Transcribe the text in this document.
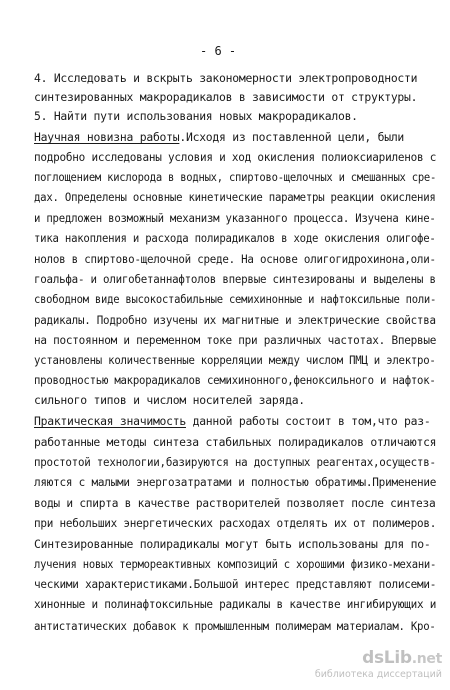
- 6 -
4. Исследовать и вскрыть закономерности электропроводности
синтезированных макрорадикалов в зависимости от структуры.
5. Найти пути использования новых макрорадикалов.
Научная новизна работы.Исходя из поставленной цели, были
подробно исследованы условия и ход окисления полиоксиариленов с
поглощением кислорода в водных, спиртово-щелочных и смешанных сре-
дах. Определены основные кинетические параметры реакции окисления
и предложен возможный механизм указанного процесса. Изучена кинe-
тика накопления и расхода полирадикалов в ходе окисления олигофе-
нолов в спиртово-щелочной среде. На основе олигогидрохинона,оли-
гоальфа- и олигобетаннафтолов впервые синтезированы и выделены в
свободном виде высокостабильные семихинонные и нафтоксильные поли-
радикалы. Подробно изучены их магнитные и электрические свойства
на постоянном и переменном токе при различных частотах. Впервые
установлены количественные корреляции между числом ПМЦ и электро-
проводностью макрорадикалов семихинонного,феноксильного и нафток-
сильного типов и числом носителей заряда.
Практическая значимость данной работы состоит в том,что раз-
работанные методы синтеза стабильных полирадикалов отличаются
простотой технологии,базируются на доступных реагентах,осуществ-
ляются с малыми энергозатратами и полностью обратимы.Применение
воды и спирта в качестве растворителей позволяет после синтеза
при небольших энергетических расходах отделять их от полимеров.
Синтезированные полирадикалы могут быть использованы для по-
лучения новых термореактивных композиций с хорошими физико-механи-
ческими характеристиками.Большой интерес представляют полисеми-
хинонные и полинафтоксильные радикалы в качестве ингибирующих и
антистатических добавок к промышленным полимерам материалам. Кро-
dsLib.net
библиотека диссертаций
